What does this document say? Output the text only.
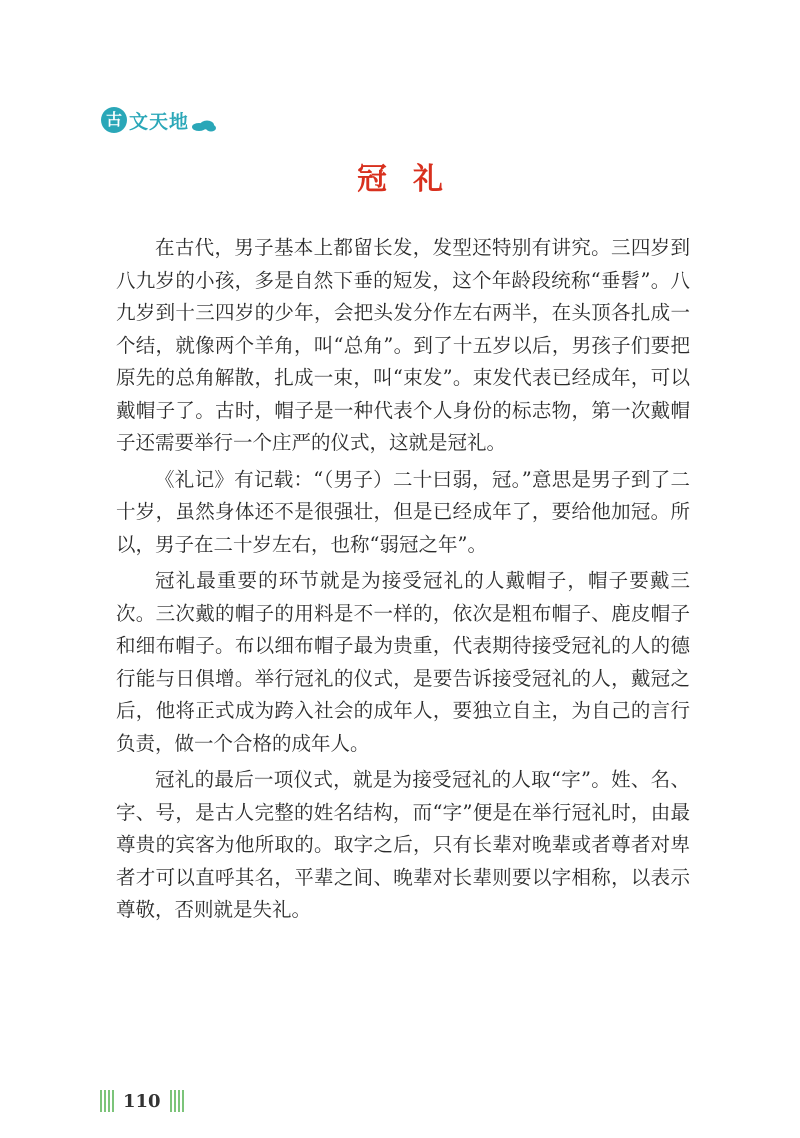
古 文天地
冠礼

在古代，男子基本上都留长发，发型还特别有讲究。三四岁到八九岁的小孩，多是自然下垂的短发，这个年龄段统称“垂髫”。八九岁到十三四岁的少年，会把头发分作左右两半，在头顶各扎成一个结，就像两个羊角，叫“总角”。到了十五岁以后，男孩子们要把原先的总角解散，扎成一束，叫“束发”。束发代表已经成年，可以戴帽子了。古时，帽子是一种代表个人身份的标志物，第一次戴帽子还需要举行一个庄严的仪式，这就是冠礼。

《礼记》有记载：“（男子）二十曰弱，冠。”意思是男子到了二十岁，虽然身体还不是很强壮，但是已经成年了，要给他加冠。所以，男子在二十岁左右，也称“弱冠之年”。

冠礼最重要的环节就是为接受冠礼的人戴帽子，帽子要戴三次。三次戴的帽子的用料是不一样的，依次是粗布帽子、鹿皮帽子和细布帽子。布以细布帽子最为贵重，代表期待接受冠礼的人的德行能与日俱增。举行冠礼的仪式，是要告诉接受冠礼的人，戴冠之后，他将正式成为跨入社会的成年人，要独立自主，为自己的言行负责，做一个合格的成年人。

冠礼的最后一项仪式，就是为接受冠礼的人取“字”。姓、名、字、号，是古人完整的姓名结构，而“字”便是在举行冠礼时，由最尊贵的宾客为他所取的。取字之后，只有长辈对晚辈或者尊者对卑者才可以直呼其名，平辈之间、晚辈对长辈则要以字相称，以表示尊敬，否则就是失礼。

110
